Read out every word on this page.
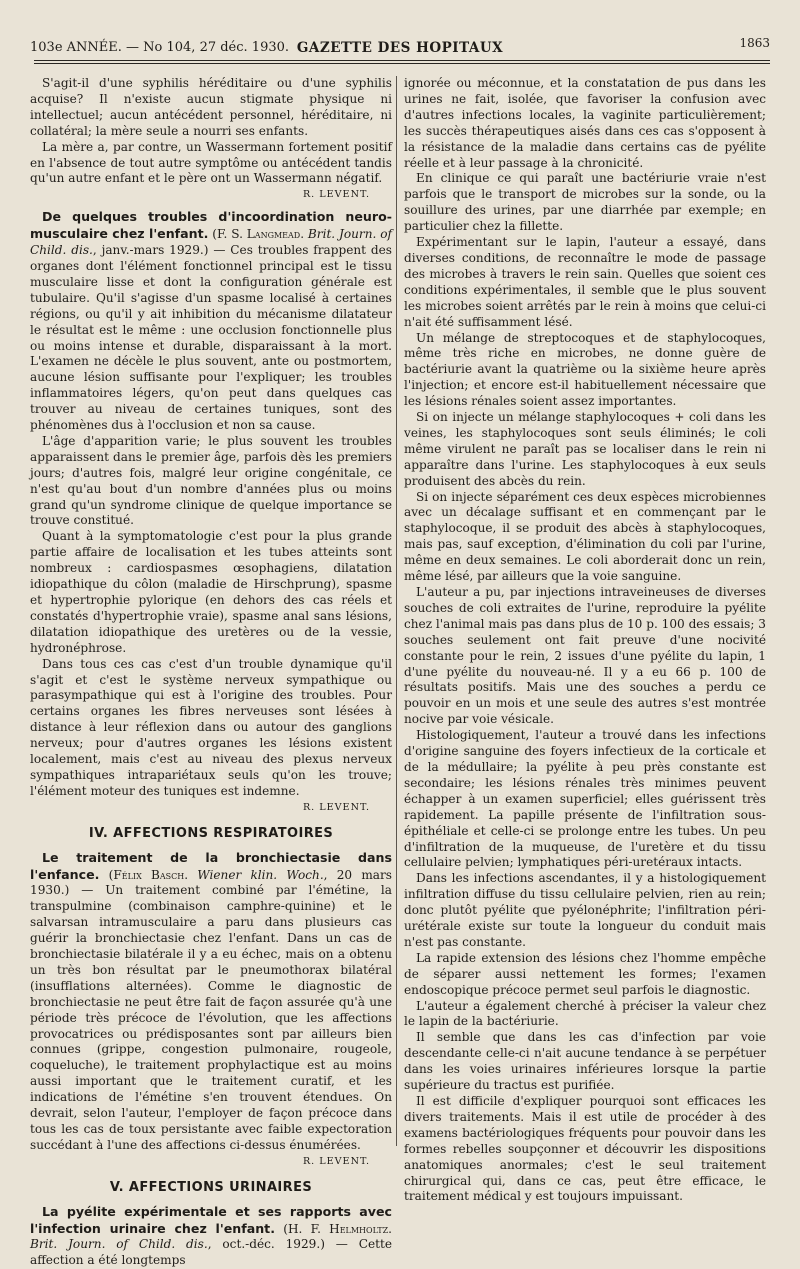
103e ANNÉE. — No 104, 27 déc. 1930. GAZETTE DES HOPITAUX	1863

S'agit-il d'une syphilis héréditaire ou d'une syphilis acquise? Il n'existe aucun stigmate physique ni intellectuel; aucun antécédent personnel, héréditaire, ni collatéral; la mère seule a nourri ses enfants.

La mère a, par contre, un Wassermann fortement positif en l'absence de tout autre symptôme ou antécédent tandis qu'un autre enfant et le père ont un Wassermann négatif.

R. LEVENT.

De quelques troubles d'incoordination neuro-musculaire chez l'enfant. (F. S. Langmead. Brit. Journ. of Child. dis., janv.-mars 1929.) — Ces troubles frappent des organes dont l'élément fonctionnel principal est le tissu musculaire lisse et dont la configuration générale est tubulaire. Qu'il s'agisse d'un spasme localisé à certaines régions, ou qu'il y ait inhibition du mécanisme dilatateur le résultat est le même : une occlusion fonctionnelle plus ou moins intense et durable, disparaissant à la mort. L'examen ne décèle le plus souvent, ante ou postmortem, aucune lésion suffisante pour l'expliquer; les troubles inflammatoires légers, qu'on peut dans quelques cas trouver au niveau de certaines tuniques, sont des phénomènes dus à l'occlusion et non sa cause.

L'âge d'apparition varie; le plus souvent les troubles apparaissent dans le premier âge, parfois dès les premiers jours; d'autres fois, malgré leur origine congénitale, ce n'est qu'au bout d'un nombre d'années plus ou moins grand qu'un syndrome clinique de quelque importance se trouve constitué.

Quant à la symptomatologie c'est pour la plus grande partie affaire de localisation et les tubes atteints sont nombreux : cardiospasmes œsophagiens, dilatation idiopathique du côlon (maladie de Hirschprung), spasme et hypertrophie pylorique (en dehors des cas réels et constatés d'hypertrophie vraie), spasme anal sans lésions, dilatation idiopathique des uretères ou de la vessie, hydronéphrose.

Dans tous ces cas c'est d'un trouble dynamique qu'il s'agit et c'est le système nerveux sympathique ou parasympathique qui est à l'origine des troubles. Pour certains organes les fibres nerveuses sont lésées à distance à leur réflexion dans ou autour des ganglions nerveux; pour d'autres organes les lésions existent localement, mais c'est au niveau des plexus nerveux sympathiques intrapariétaux seuls qu'on les trouve; l'élément moteur des tuniques est indemne.

R. LEVENT.
IV. AFFECTIONS RESPIRATOIRES

Le traitement de la bronchiectasie dans l'enfance. (Félix Basch. Wiener klin. Woch., 20 mars 1930.) — Un traitement combiné par l'émétine, la transpulmine (combinaison camphre-quinine) et le salvarsan intramusculaire a paru dans plusieurs cas guérir la bronchiectasie chez l'enfant. Dans un cas de bronchiectasie bilatérale il y a eu échec, mais on a obtenu un très bon résultat par le pneumothorax bilatéral (insufflations alternées). Comme le diagnostic de bronchiectasie ne peut être fait de façon assurée qu'à une période très précoce de l'évolution, que les affections provocatrices ou prédisposantes sont par ailleurs bien connues (grippe, congestion pulmonaire, rougeole, coqueluche), le traitement prophylactique est au moins aussi important que le traitement curatif, et les indications de l'émétine s'en trouvent étendues. On devrait, selon l'auteur, l'employer de façon précoce dans tous les cas de toux persistante avec faible expectoration succédant à l'une des affections ci-dessus énumérées.

R. LEVENT.
V. AFFECTIONS URINAIRES

La pyélite expérimentale et ses rapports avec l'infection urinaire chez l'enfant. (H. F. Helmholtz. Brit. Journ. of Child. dis., oct.-déc. 1929.) — Cette affection a été longtemps

ignorée ou méconnue, et la constatation de pus dans les urines ne fait, isolée, que favoriser la confusion avec d'autres infections locales, la vaginite particulièrement; les succès thérapeutiques aisés dans ces cas s'opposent à la résistance de la maladie dans certains cas de pyélite réelle et à leur passage à la chronicité.

En clinique ce qui paraît une bactériurie vraie n'est parfois que le transport de microbes sur la sonde, ou la souillure des urines, par une diarrhée par exemple; en particulier chez la fillette.

Expérimentant sur le lapin, l'auteur a essayé, dans diverses conditions, de reconnaître le mode de passage des microbes à travers le rein sain. Quelles que soient ces conditions expérimentales, il semble que le plus souvent les microbes soient arrêtés par le rein à moins que celui-ci n'ait été suffisamment lésé.

Un mélange de streptocoques et de staphylocoques, même très riche en microbes, ne donne guère de bactériurie avant la quatrième ou la sixième heure après l'injection; et encore est-il habituellement nécessaire que les lésions rénales soient assez importantes.

Si on injecte un mélange staphylocoques + coli dans les veines, les staphylocoques sont seuls éliminés; le coli même virulent ne paraît pas se localiser dans le rein ni apparaître dans l'urine. Les staphylocoques à eux seuls produisent des abcès du rein.

Si on injecte séparément ces deux espèces microbiennes avec un décalage suffisant et en commençant par le staphylocoque, il se produit des abcès à staphylocoques, mais pas, sauf exception, d'élimination du coli par l'urine, même en deux semaines. Le coli aborderait donc un rein, même lésé, par ailleurs que la voie sanguine.

L'auteur a pu, par injections intraveineuses de diverses souches de coli extraites de l'urine, reproduire la pyélite chez l'animal mais pas dans plus de 10 p. 100 des essais; 3 souches seulement ont fait preuve d'une nocivité constante pour le rein, 2 issues d'une pyélite du lapin, 1 d'une pyélite du nouveau-né. Il y a eu 66 p. 100 de résultats positifs. Mais une des souches a perdu ce pouvoir en un mois et une seule des autres s'est montrée nocive par voie vésicale.

Histologiquement, l'auteur a trouvé dans les infections d'origine sanguine des foyers infectieux de la corticale et de la médullaire; la pyélite à peu près constante est secondaire; les lésions rénales très minimes peuvent échapper à un examen superficiel; elles guérissent très rapidement. La papille présente de l'infiltration sous-épithéliale et celle-ci se prolonge entre les tubes. Un peu d'infiltration de la muqueuse, de l'uretère et du tissu cellulaire pelvien; lymphatiques péri-uretéraux intacts.

Dans les infections ascendantes, il y a histologiquement infiltration diffuse du tissu cellulaire pelvien, rien au rein; donc plutôt pyélite que pyélonéphrite; l'infiltration péri-urétérale existe sur toute la longueur du conduit mais n'est pas constante.

La rapide extension des lésions chez l'homme empêche de séparer aussi nettement les formes; l'examen endoscopique précoce permet seul parfois le diagnostic.

L'auteur a également cherché à préciser la valeur chez le lapin de la bactériurie.

Il semble que dans les cas d'infection par voie descendante celle-ci n'ait aucune tendance à se perpétuer dans les voies urinaires inférieures lorsque la partie supérieure du tractus est purifiée.

Il est difficile d'expliquer pourquoi sont efficaces les divers traitements. Mais il est utile de procéder à des examens bactériologiques fréquents pour pouvoir dans les formes rebelles soupçonner et découvrir les dispositions anatomiques anormales; c'est le seul traitement chirurgical qui, dans ce cas, peut être efficace, le traitement médical y est toujours impuissant.
